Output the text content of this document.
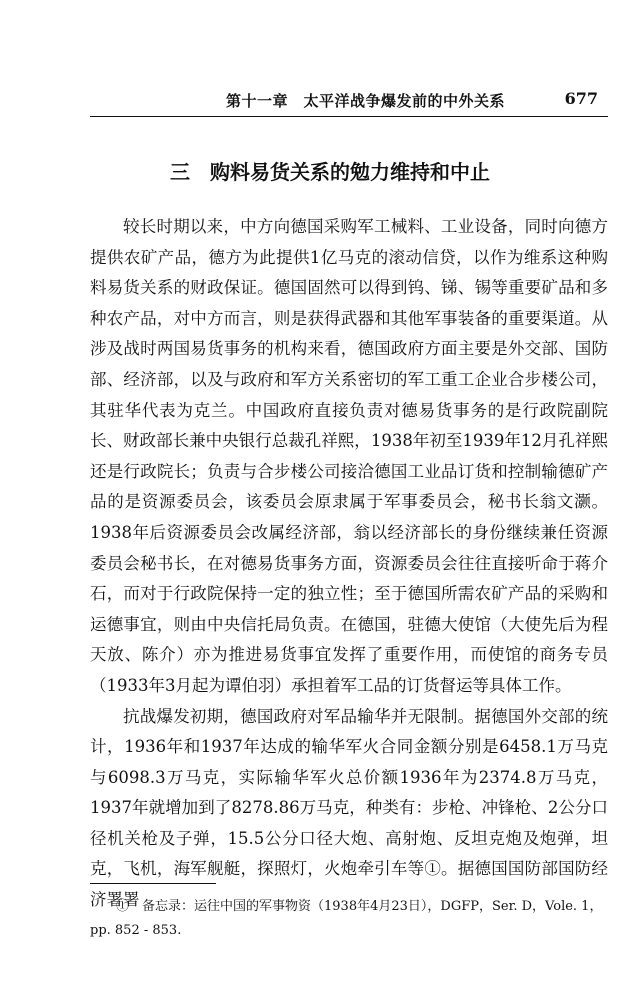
第十一章　太平洋战争爆发前的中外关系	677
三 购料易货关系的勉力维持和中止

较长时期以来，中方向德国采购军工械料、工业设备，同时向德方提供农矿产品，德方为此提供1亿马克的滚动信贷，以作为维系这种购料易货关系的财政保证。德国固然可以得到钨、锑、锡等重要矿品和多种农产品，对中方而言，则是获得武器和其他军事装备的重要渠道。从涉及战时两国易货事务的机构来看，德国政府方面主要是外交部、国防部、经济部，以及与政府和军方关系密切的军工重工企业合步楼公司，其驻华代表为克兰。中国政府直接负责对德易货事务的是行政院副院长、财政部长兼中央银行总裁孔祥熙，1938年初至1939年12月孔祥熙还是行政院长；负责与合步楼公司接洽德国工业品订货和控制输德矿产品的是资源委员会，该委员会原隶属于军事委员会，秘书长翁文灏。1938年后资源委员会改属经济部，翁以经济部长的身份继续兼任资源委员会秘书长，在对德易货事务方面，资源委员会往往直接听命于蒋介石，而对于行政院保持一定的独立性；至于德国所需农矿产品的采购和运德事宜，则由中央信托局负责。在德国，驻德大使馆（大使先后为程天放、陈介）亦为推进易货事宜发挥了重要作用，而使馆的商务专员（1933年3月起为谭伯羽）承担着军工品的订货督运等具体工作。

抗战爆发初期，德国政府对军品输华并无限制。据德国外交部的统计，1936年和1937年达成的输华军火合同金额分别是6458.1万马克与6098.3万马克，实际输华军火总价额1936年为2374.8万马克，1937年就增加到了8278.86万马克，种类有：步枪、冲锋枪、2公分口径机关枪及子弹，15.5公分口径大炮、高射炮、反坦克炮及炮弹，坦克，飞机，海军舰艇，探照灯，火炮牵引车等①。据德国国防部国防经济署署

①　备忘录：运往中国的军事物资（1938年4月23日），DGFP，Ser. D，Vole. 1，pp. 852 - 853.
